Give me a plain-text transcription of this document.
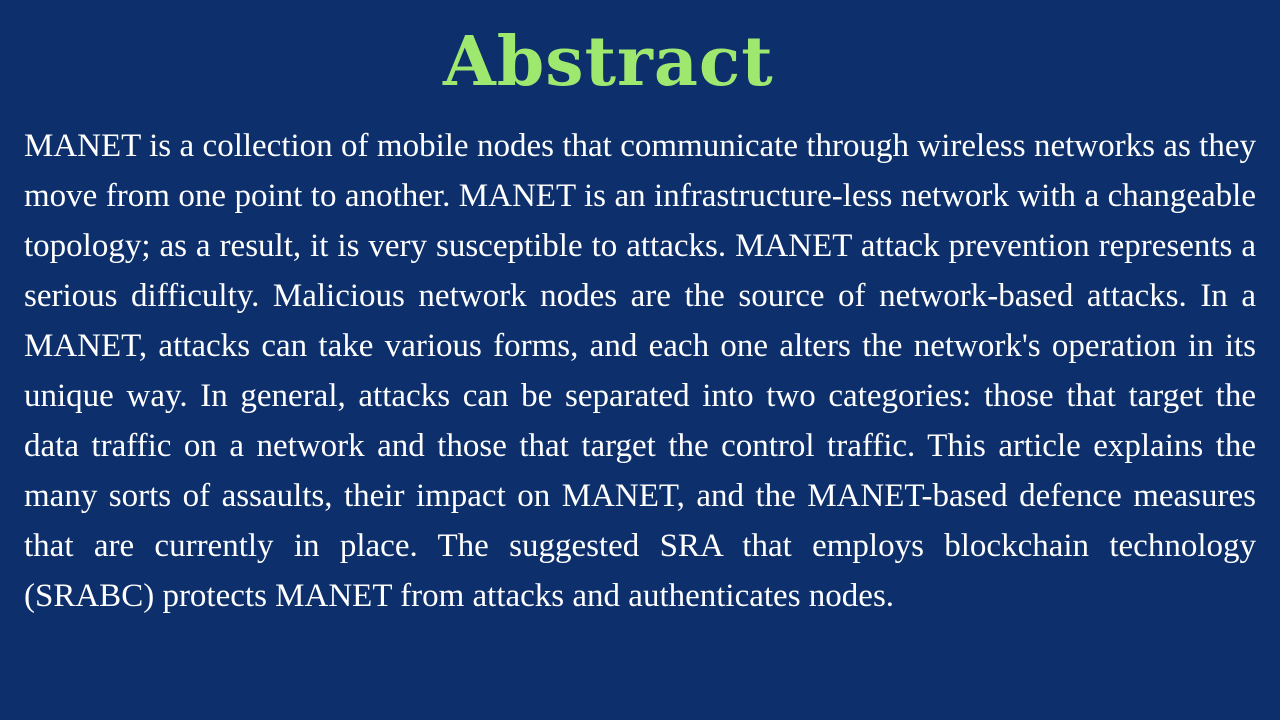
Abstract

MANET is a collection of mobile nodes that communicate through wireless networks as they move from one point to another. MANET is an infrastructure-less network with a changeable topology; as a result, it is very susceptible to attacks. MANET attack prevention represents a serious difficulty. Malicious network nodes are the source of network-based attacks. In a MANET, attacks can take various forms, and each one alters the network's operation in its unique way. In general, attacks can be separated into two categories: those that target the data traffic on a network and those that target the control traffic. This article explains the many sorts of assaults, their impact on MANET, and the MANET-based defence measures that are currently in place. The suggested SRA that employs blockchain technology (SRABC) protects MANET from attacks and authenticates nodes.
